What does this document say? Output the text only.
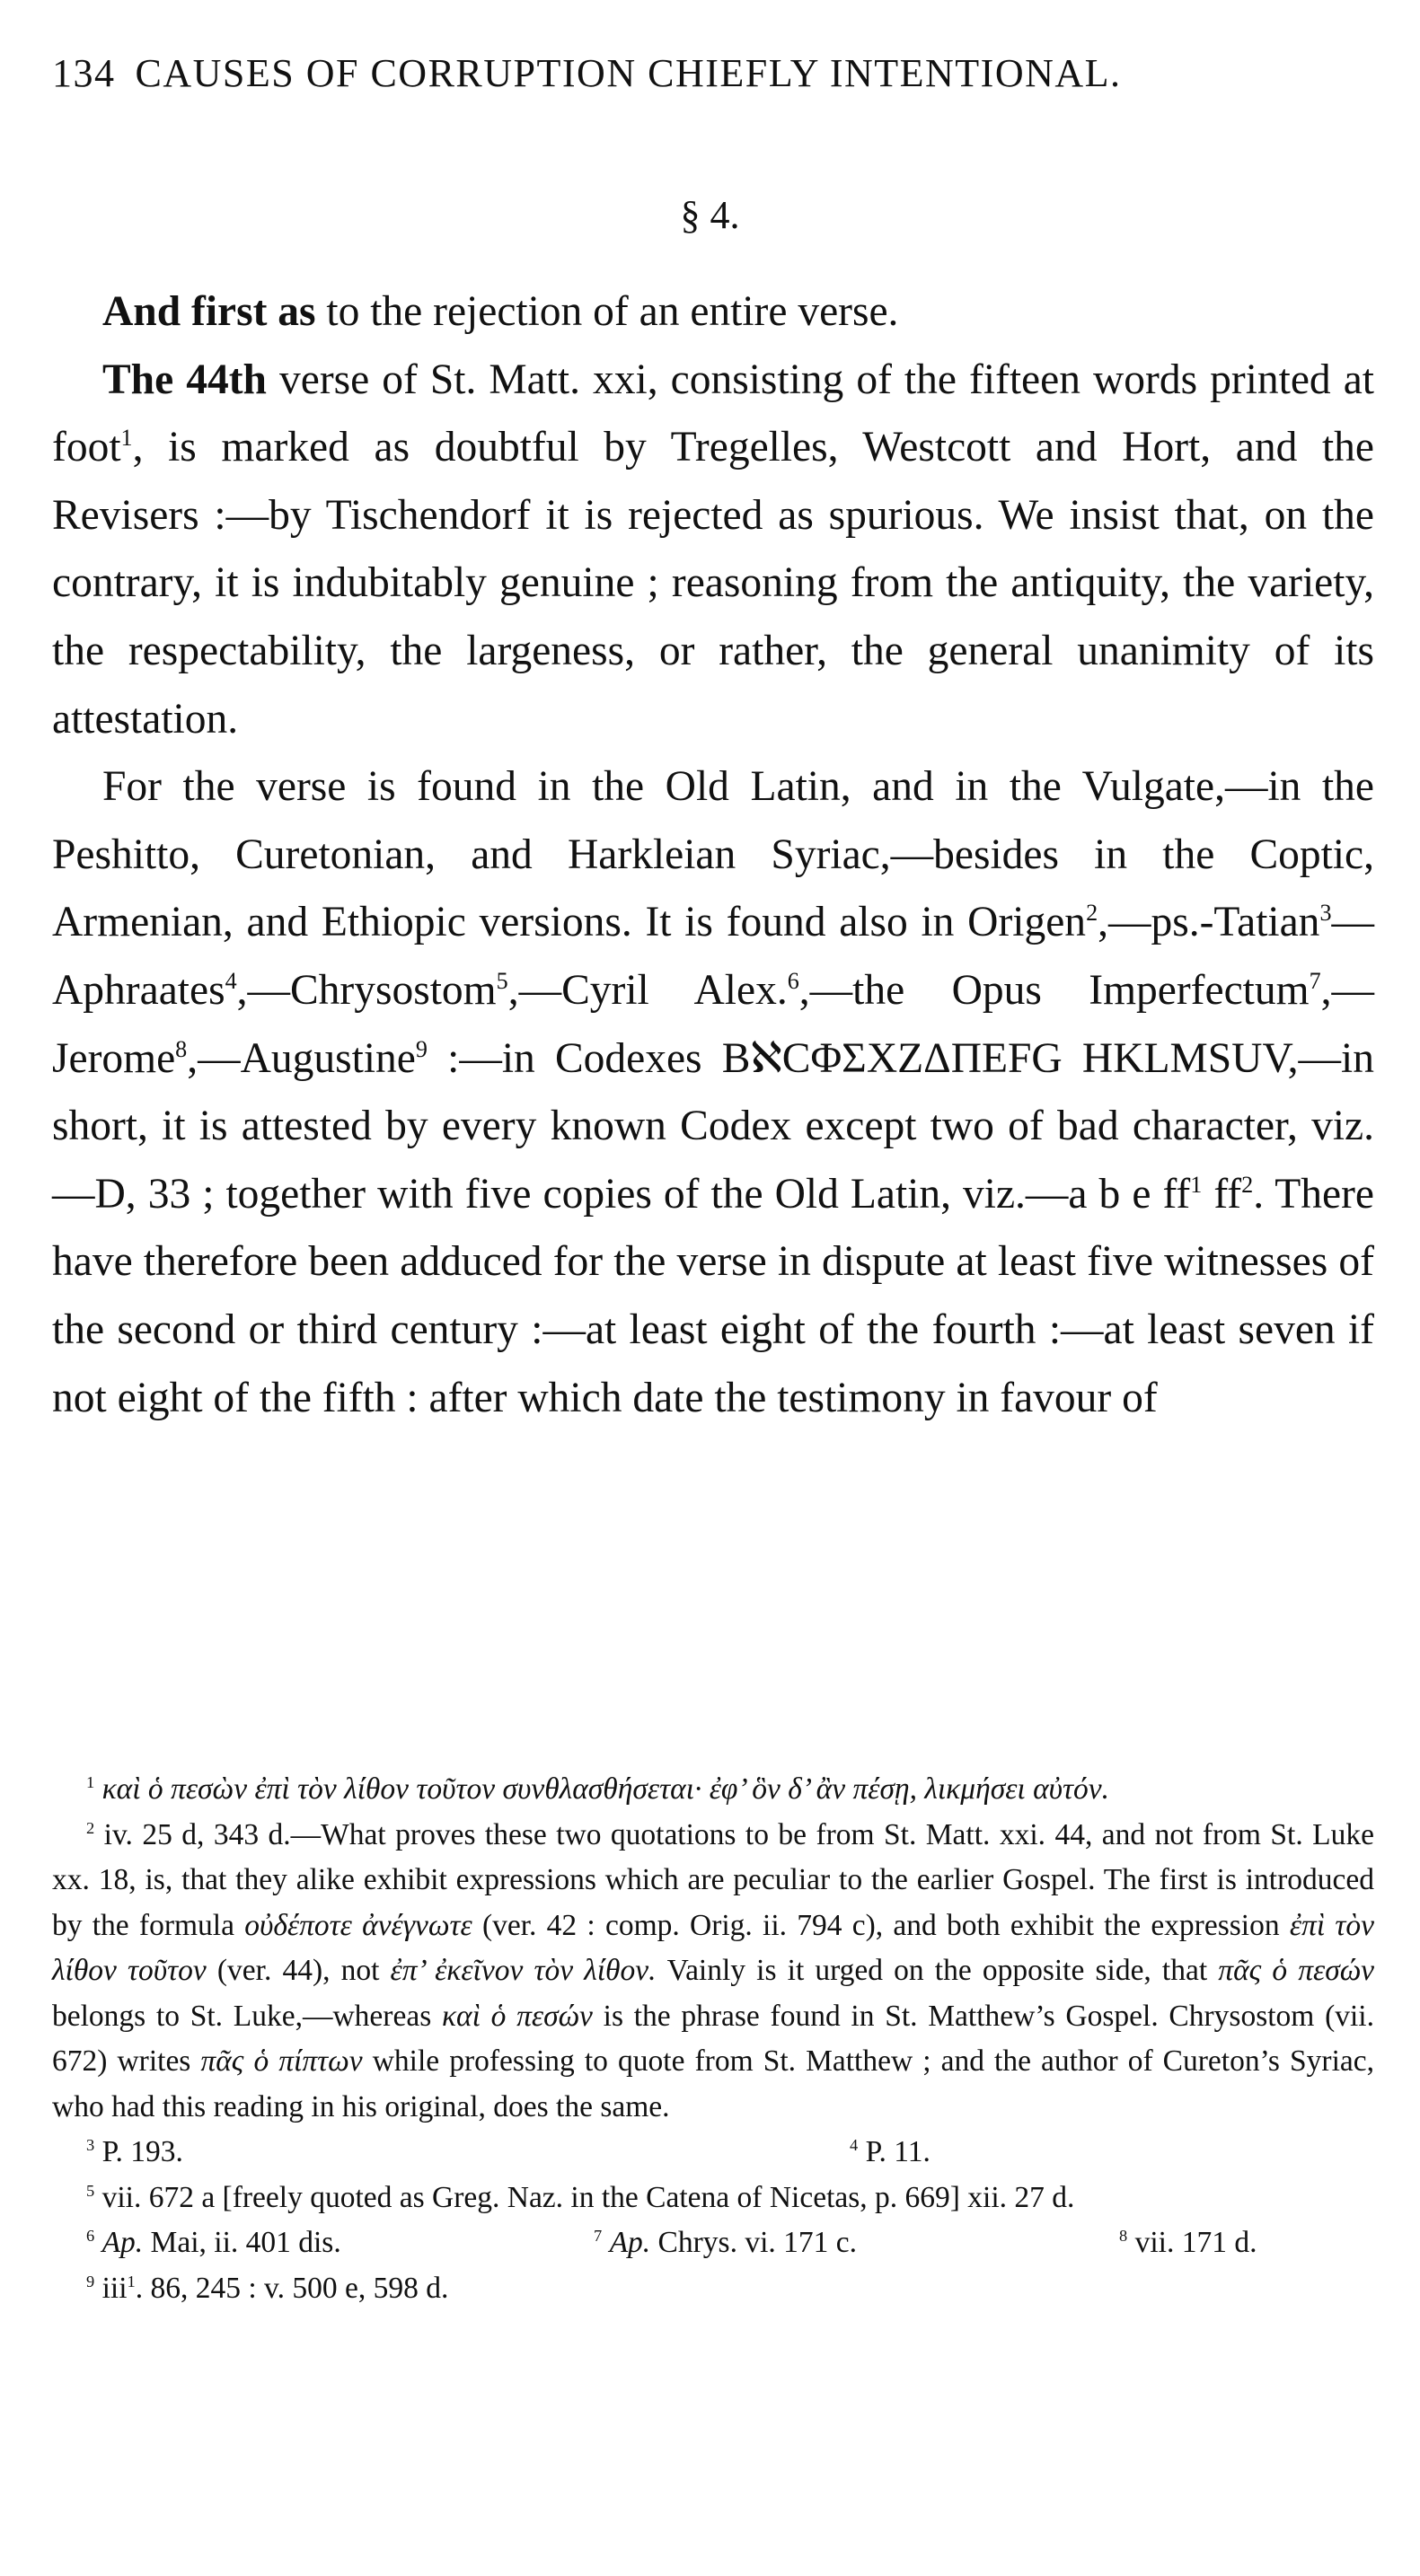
134 CAUSES OF CORRUPTION CHIEFLY INTENTIONAL.
§ 4.

And first as to the rejection of an entire verse.

The 44th verse of St. Matt. xxi, consisting of the fifteen words printed at foot$^1$, is marked as doubtful by Tregelles, Westcott and Hort, and the Revisers :—by Tischendorf it is rejected as spurious. We insist that, on the contrary, it is indubitably genuine ; reasoning from the antiquity, the variety, the respectability, the largeness, or rather, the general unanimity of its attestation.

For the verse is found in the Old Latin, and in the Vulgate,—in the Peshitto, Curetonian, and Harkleian Syriac,—besides in the Coptic, Armenian, and Ethiopic versions. It is found also in Origen$^2$,—ps.-Tatian$^3$—Aphraates$^4$,—Chrysostom$^5$,—Cyril Alex.$^6$,—the Opus Imperfectum$^7$,—Jerome$^8$,—Augustine$^9$ :—in Codexes BℵCΦΣXZΔΠEFG HKLMSUV,—in short, it is attested by every known Codex except two of bad character, viz.—D, 33 ; together with five copies of the Old Latin, viz.—a b e $ff^1$ $ff^2$. There have therefore been adduced for the verse in dispute at least five witnesses of the second or third century :—at least eight of the fourth :—at least seven if not eight of the fifth : after which date the testimony in favour of

$^1$ καὶ ὁ πεσὼν ἐπὶ τὸν λίθον τοῦτον συνθλασθήσεται· ἐφ’ ὃν δ’ ἂν πέσῃ, λικμήσει αὐτόν.

$^2$ iv. 25 d, 343 d.—What proves these two quotations to be from St. Matt. xxi. 44, and not from St. Luke xx. 18, is, that they alike exhibit expressions which are peculiar to the earlier Gospel. The first is introduced by the formula οὐδέποτε ἀνέγνωτε (ver. 42 : comp. Orig. ii. 794 c), and both exhibit the expression ἐπὶ τὸν λίθον τοῦτον (ver. 44), not ἐπ’ ἐκεῖνον τὸν λίθον. Vainly is it urged on the opposite side, that πᾶς ὁ πεσών belongs to St. Luke,—whereas καὶ ὁ πεσών is the phrase found in St. Matthew’s Gospel. Chrysostom (vii. 672) writes πᾶς ὁ πίπτων while professing to quote from St. Matthew ; and the author of Cureton’s Syriac, who had this reading in his original, does the same.

$^3$ P. 193.	$^4$ P. 11.

$^5$ vii. 672 a [freely quoted as Greg. Naz. in the Catena of Nicetas, p. 669] xii. 27 d.

$^6$ Ap. Mai, ii. 401 dis.	$^7$ Ap. Chrys. vi. 171 c.	$^8$ vii. 171 d.

$^9$ iii$^1$. 86, 245 : v. 500 e, 598 d.
